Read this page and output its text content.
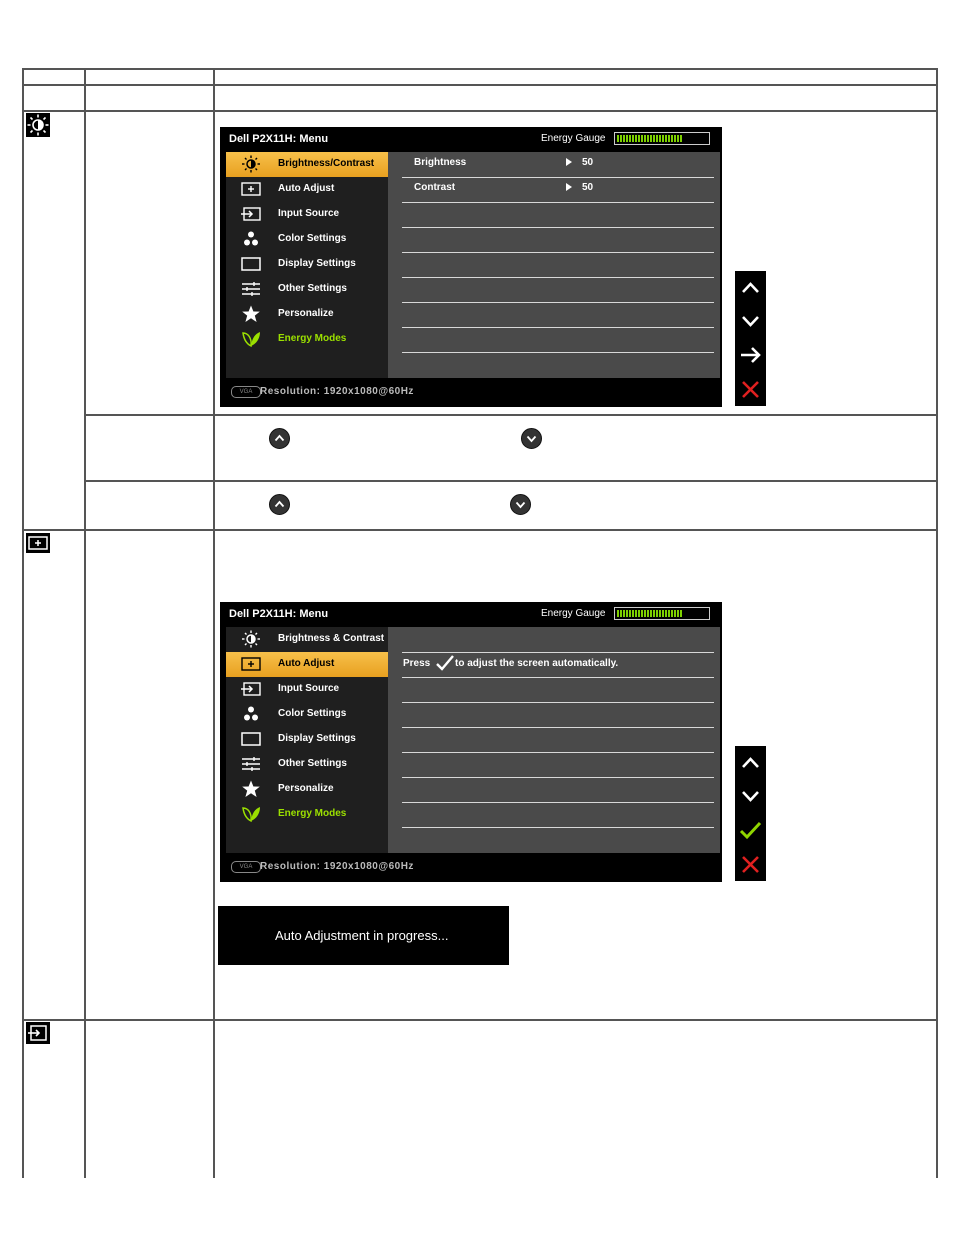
Dell P2X11H: Menu	Energy Gauge
Brightness/Contrast
Auto Adjust
Input Source
Color Settings
Display Settings
Other Settings
Personalize
Energy Modes
Brightness	50
Contrast	50
VGA Resolution: 1920x1080@60Hz
Dell P2X11H: Menu	Energy Gauge
Brightness & Contrast
Auto Adjust
Input Source
Color Settings
Display Settings
Other Settings
Personalize
Energy Modes
Press to adjust the screen automatically.
VGA Resolution: 1920x1080@60Hz
Auto Adjustment in progress...
